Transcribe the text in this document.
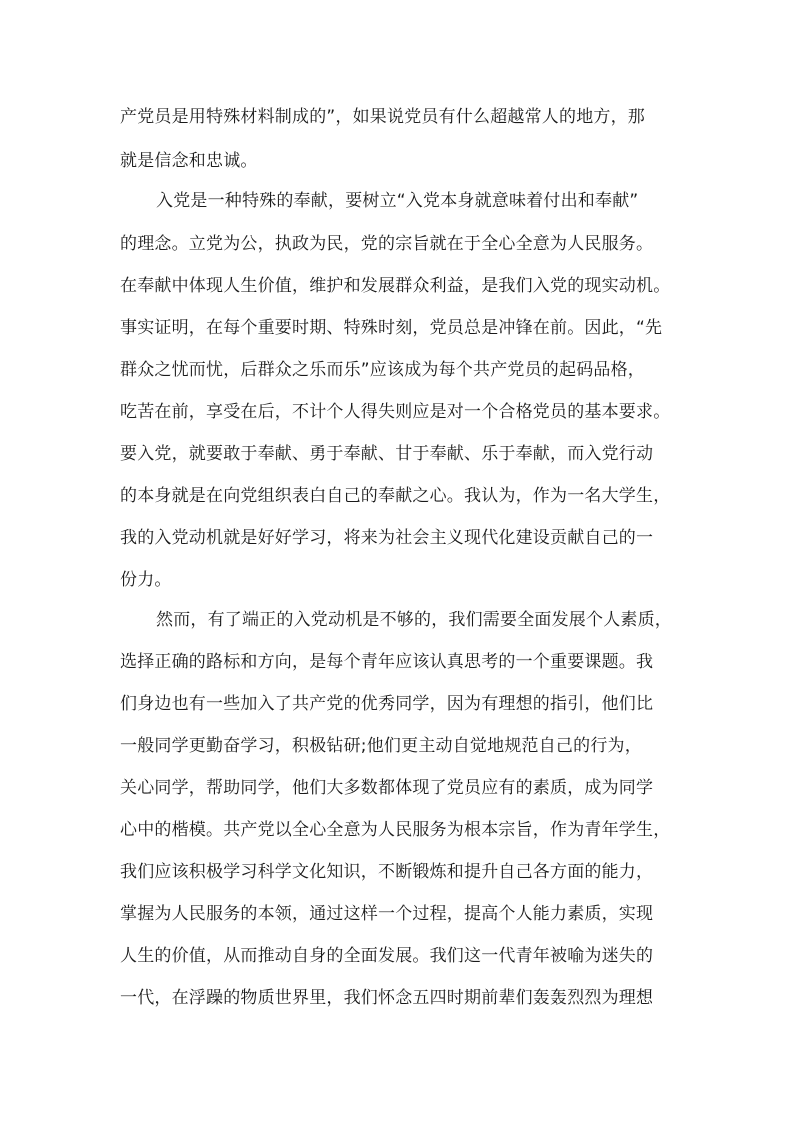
产党员是用特殊材料制成的”，如果说党员有什么超越常人的地方，那
就是信念和忠诚。
入党是一种特殊的奉献，要树立“入党本身就意味着付出和奉献”
的理念。立党为公，执政为民，党的宗旨就在于全心全意为人民服务。
在奉献中体现人生价值，维护和发展群众利益，是我们入党的现实动机。
事实证明，在每个重要时期、特殊时刻，党员总是冲锋在前。因此，“先
群众之忧而忧，后群众之乐而乐”应该成为每个共产党员的起码品格，
吃苦在前，享受在后，不计个人得失则应是对一个合格党员的基本要求。
要入党，就要敢于奉献、勇于奉献、甘于奉献、乐于奉献，而入党行动
的本身就是在向党组织表白自己的奉献之心。我认为，作为一名大学生，
我的入党动机就是好好学习，将来为社会主义现代化建设贡献自己的一
份力。
然而，有了端正的入党动机是不够的，我们需要全面发展个人素质，
选择正确的路标和方向，是每个青年应该认真思考的一个重要课题。我
们身边也有一些加入了共产党的优秀同学，因为有理想的指引，他们比
一般同学更勤奋学习，积极钻研;他们更主动自觉地规范自己的行为，
关心同学，帮助同学，他们大多数都体现了党员应有的素质，成为同学
心中的楷模。共产党以全心全意为人民服务为根本宗旨，作为青年学生，
我们应该积极学习科学文化知识，不断锻炼和提升自己各方面的能力，
掌握为人民服务的本领，通过这样一个过程，提高个人能力素质，实现
人生的价值，从而推动自身的全面发展。我们这一代青年被喻为迷失的
一代，在浮躁的物质世界里，我们怀念五四时期前辈们轰轰烈烈为理想
